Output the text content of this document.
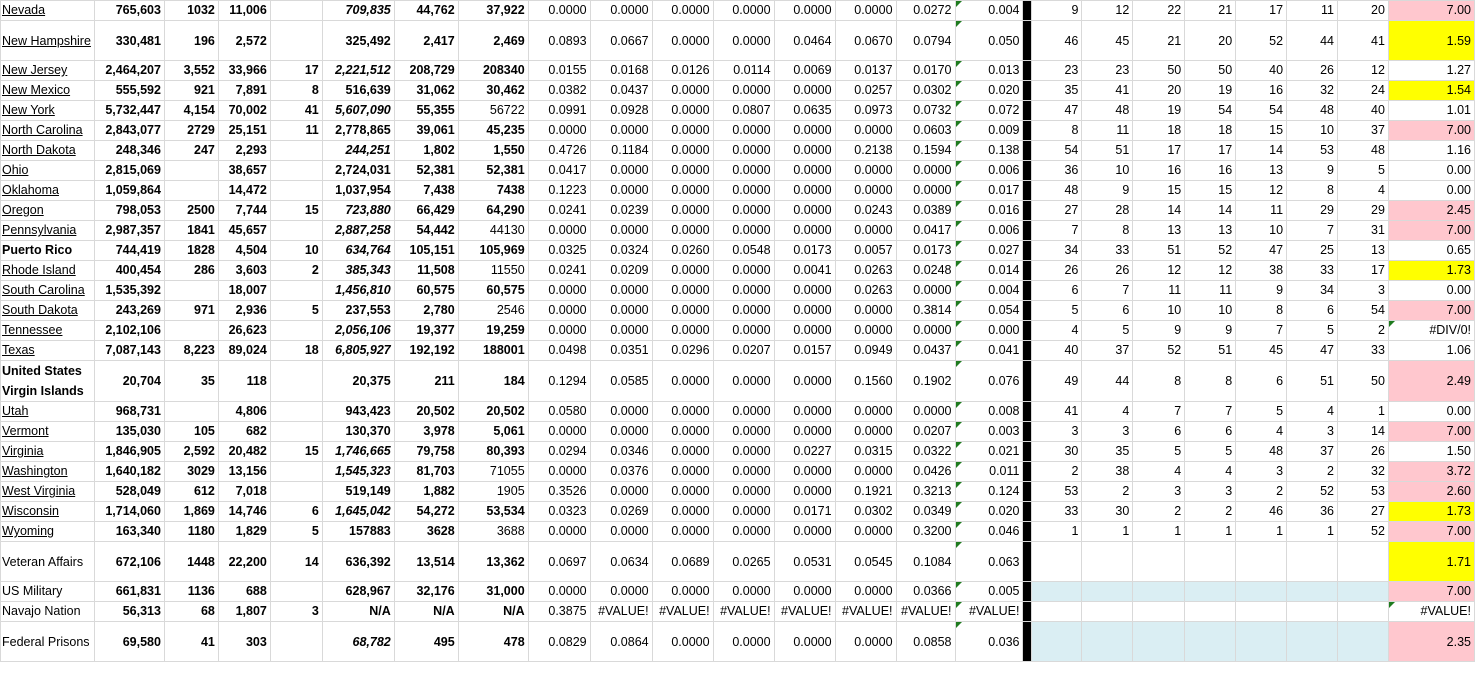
Nevada	765,603	1032	11,006		709,835	44,762	37,922	0.0000	0.0000	0.0000	0.0000	0.0000	0.0000	0.0272	0.004		9	12	22	21	17	11	20	7.00
New Hampshire	330,481	196	2,572		325,492	2,417	2,469	0.0893	0.0667	0.0000	0.0000	0.0464	0.0670	0.0794	0.050		46	45	21	20	52	44	41	1.59
New Jersey	2,464,207	3,552	33,966	17	2,221,512	208,729	208340	0.0155	0.0168	0.0126	0.0114	0.0069	0.0137	0.0170	0.013		23	23	50	50	40	26	12	1.27
New Mexico	555,592	921	7,891	8	516,639	31,062	30,462	0.0382	0.0437	0.0000	0.0000	0.0000	0.0257	0.0302	0.020		35	41	20	19	16	32	24	1.54
New York	5,732,447	4,154	70,002	41	5,607,090	55,355	56722	0.0991	0.0928	0.0000	0.0807	0.0635	0.0973	0.0732	0.072		47	48	19	54	54	48	40	1.01
North Carolina	2,843,077	2729	25,151	11	2,778,865	39,061	45,235	0.0000	0.0000	0.0000	0.0000	0.0000	0.0000	0.0603	0.009		8	11	18	18	15	10	37	7.00
North Dakota	248,346	247	2,293		244,251	1,802	1,550	0.4726	0.1184	0.0000	0.0000	0.0000	0.2138	0.1594	0.138		54	51	17	17	14	53	48	1.16
Ohio	2,815,069		38,657		2,724,031	52,381	52,381	0.0417	0.0000	0.0000	0.0000	0.0000	0.0000	0.0000	0.006		36	10	16	16	13	9	5	0.00
Oklahoma	1,059,864		14,472		1,037,954	7,438	7438	0.1223	0.0000	0.0000	0.0000	0.0000	0.0000	0.0000	0.017		48	9	15	15	12	8	4	0.00
Oregon	798,053	2500	7,744	15	723,880	66,429	64,290	0.0241	0.0239	0.0000	0.0000	0.0000	0.0243	0.0389	0.016		27	28	14	14	11	29	29	2.45
Pennsylvania	2,987,357	1841	45,657		2,887,258	54,442	44130	0.0000	0.0000	0.0000	0.0000	0.0000	0.0000	0.0417	0.006		7	8	13	13	10	7	31	7.00
Puerto Rico	744,419	1828	4,504	10	634,764	105,151	105,969	0.0325	0.0324	0.0260	0.0548	0.0173	0.0057	0.0173	0.027		34	33	51	52	47	25	13	0.65
Rhode Island	400,454	286	3,603	2	385,343	11,508	11550	0.0241	0.0209	0.0000	0.0000	0.0041	0.0263	0.0248	0.014		26	26	12	12	38	33	17	1.73
South Carolina	1,535,392		18,007		1,456,810	60,575	60,575	0.0000	0.0000	0.0000	0.0000	0.0000	0.0263	0.0000	0.004		6	7	11	11	9	34	3	0.00
South Dakota	243,269	971	2,936	5	237,553	2,780	2546	0.0000	0.0000	0.0000	0.0000	0.0000	0.0000	0.3814	0.054		5	6	10	10	8	6	54	7.00
Tennessee	2,102,106		26,623		2,056,106	19,377	19,259	0.0000	0.0000	0.0000	0.0000	0.0000	0.0000	0.0000	0.000		4	5	9	9	7	5	2	#DIV/0!
Texas	7,087,143	8,223	89,024	18	6,805,927	192,192	188001	0.0498	0.0351	0.0296	0.0207	0.0157	0.0949	0.0437	0.041		40	37	52	51	45	47	33	1.06
United States Virgin Islands	20,704	35	118		20,375	211	184	0.1294	0.0585	0.0000	0.0000	0.0000	0.1560	0.1902	0.076		49	44	8	8	6	51	50	2.49
Utah	968,731		4,806		943,423	20,502	20,502	0.0580	0.0000	0.0000	0.0000	0.0000	0.0000	0.0000	0.008		41	4	7	7	5	4	1	0.00
Vermont	135,030	105	682		130,370	3,978	5,061	0.0000	0.0000	0.0000	0.0000	0.0000	0.0000	0.0207	0.003		3	3	6	6	4	3	14	7.00
Virginia	1,846,905	2,592	20,482	15	1,746,665	79,758	80,393	0.0294	0.0346	0.0000	0.0000	0.0227	0.0315	0.0322	0.021		30	35	5	5	48	37	26	1.50
Washington	1,640,182	3029	13,156		1,545,323	81,703	71055	0.0000	0.0376	0.0000	0.0000	0.0000	0.0000	0.0426	0.011		2	38	4	4	3	2	32	3.72
West Virginia	528,049	612	7,018		519,149	1,882	1905	0.3526	0.0000	0.0000	0.0000	0.0000	0.1921	0.3213	0.124		53	2	3	3	2	52	53	2.60
Wisconsin	1,714,060	1,869	14,746	6	1,645,042	54,272	53,534	0.0323	0.0269	0.0000	0.0000	0.0171	0.0302	0.0349	0.020		33	30	2	2	46	36	27	1.73
Wyoming	163,340	1180	1,829	5	157883	3628	3688	0.0000	0.0000	0.0000	0.0000	0.0000	0.0000	0.3200	0.046		1	1	1	1	1	1	52	7.00
Veteran Affairs	672,106	1448	22,200	14	636,392	13,514	13,362	0.0697	0.0634	0.0689	0.0265	0.0531	0.0545	0.1084	0.063									1.71
US Military	661,831	1136	688		628,967	32,176	31,000	0.0000	0.0000	0.0000	0.0000	0.0000	0.0000	0.0366	0.005									7.00
Navajo Nation	56,313	68	1,807	3	N/A	N/A	N/A	0.3875	#VALUE!	#VALUE!	#VALUE!	#VALUE!	#VALUE!	#VALUE!	#VALUE!									#VALUE!
Federal Prisons	69,580	41	303		68,782	495	478	0.0829	0.0864	0.0000	0.0000	0.0000	0.0000	0.0858	0.036									2.35
